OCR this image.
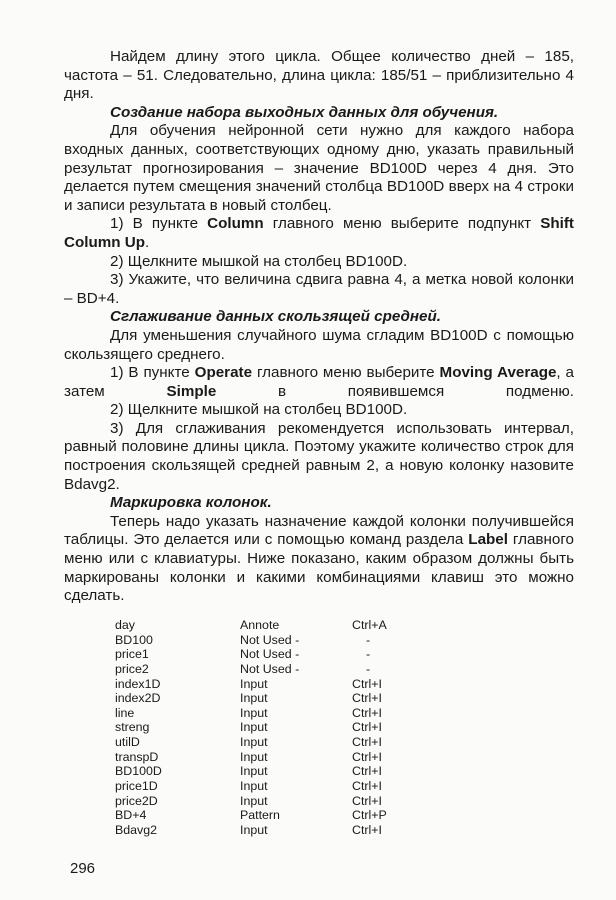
Найдем длину этого цикла. Общее количество дней – 185, частота – 51. Следовательно, длина цикла: 185/51 – приблизительно 4 дня.

Создание набора выходных данных для обучения.

Для обучения нейронной сети нужно для каждого набора входных данных, соответствующих одному дню, указать правильный результат прогнозирования – значение BD100D через 4 дня. Это делается путем смещения значений столбца BD100D вверх на 4 строки и записи результата в новый столбец.

1) В пункте Column главного меню выберите подпункт Shift Column Up.

2) Щелкните мышкой на столбец BD100D.

3) Укажите, что величина сдвига равна 4, а метка новой колонки – BD+4.

Сглаживание данных скользящей средней.

Для уменьшения случайного шума сгладим BD100D с помощью скользящего среднего.

1) В пункте Operate главного меню выберите Moving Average, а затем	Simple	в появившемся подменю.

2) Щелкните мышкой на столбец BD100D.

3) Для сглаживания рекомендуется использовать интервал, равный половине длины цикла. Поэтому укажите количество строк для построения скользящей средней равным 2, а новую колонку назовите Bdavg2.

Маркировка колонок.

Теперь надо указать назначение каждой колонки получившейся таблицы. Это делается или с помощью команд раздела Label главного меню или с клавиатуры. Ниже показано, каким образом должны быть маркированы колонки и какими комбинациями клавиш это можно сделать.

day	Annote	Ctrl+A
BD100	Not Used -	-
price1	Not Used -	-
price2	Not Used -	-
index1D	Input	Ctrl+I
index2D	Input	Ctrl+I
line	Input	Ctrl+I
streng	Input	Ctrl+I
utilD	Input	Ctrl+I
transpD	Input	Ctrl+I
BD100D	Input	Ctrl+I
price1D	Input	Ctrl+I
price2D	Input	Ctrl+I
BD+4	Pattern	Ctrl+P
Bdavg2	Input	Ctrl+I
296
